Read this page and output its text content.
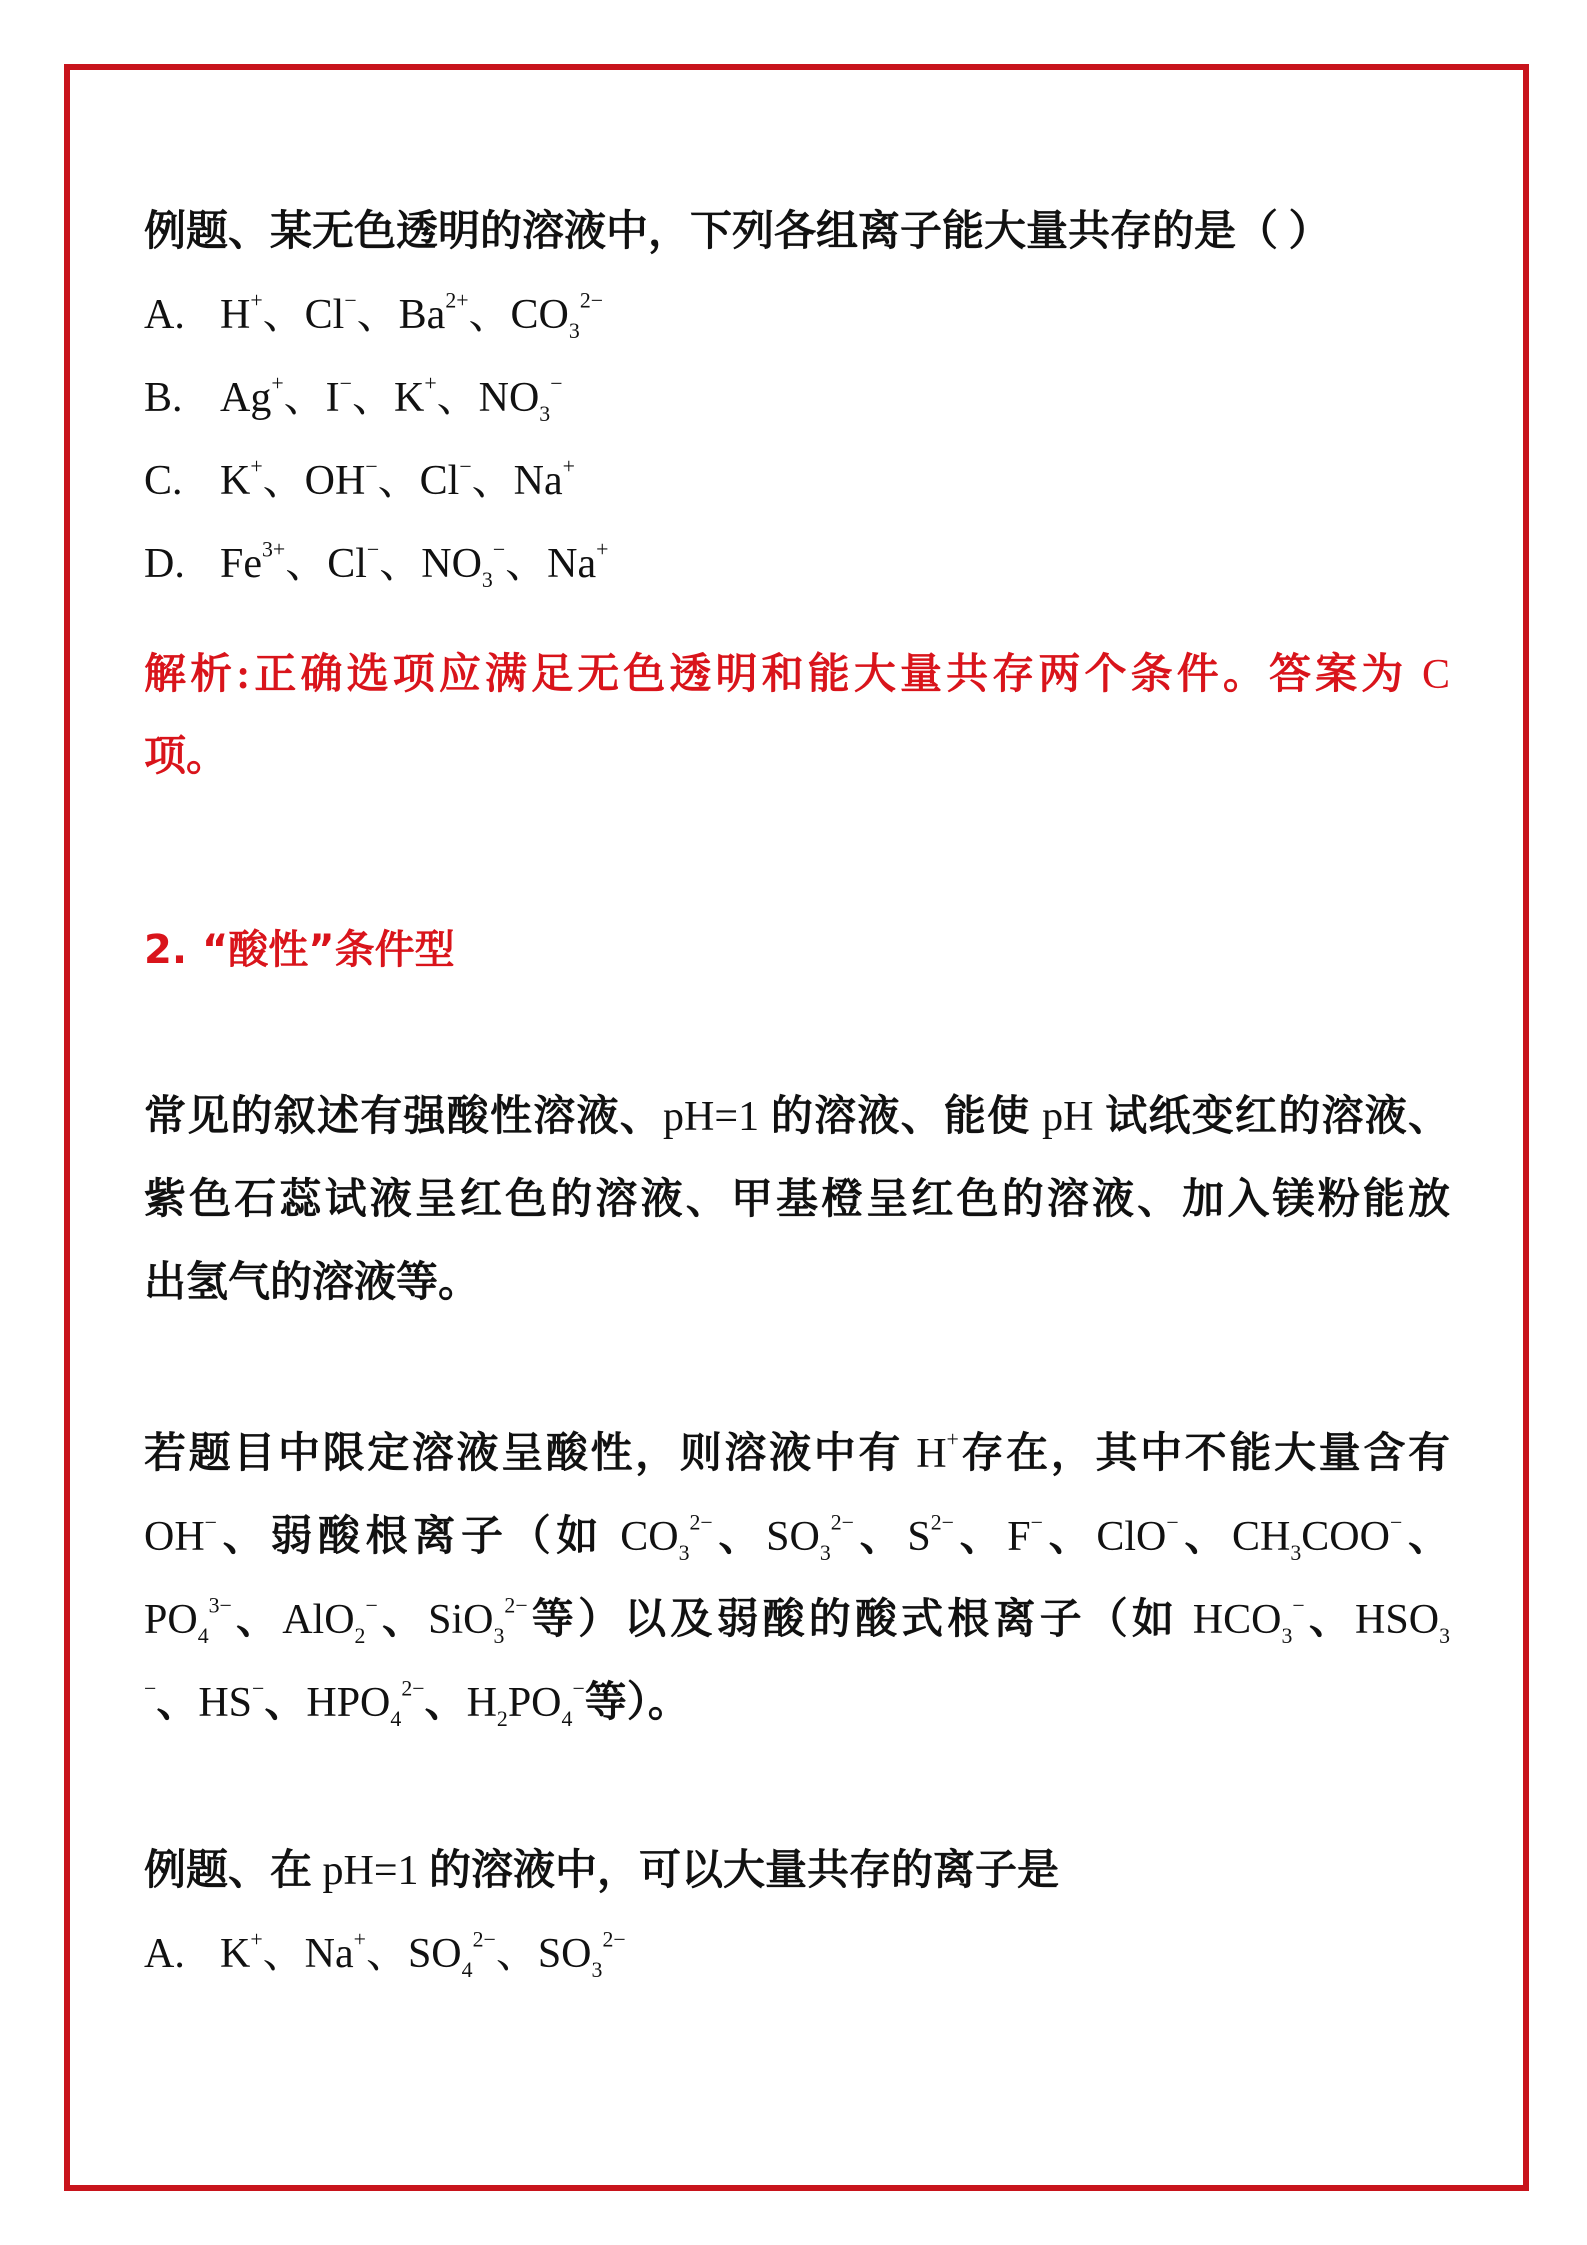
例题、某无色透明的溶液中，下列各组离子能大量共存的是（ ）
A. H+、Cl−、$Ba^{2+}$、$CO_3^{2-}$
B. Ag+、I−、K+、$NO_3^-$
C. K+、OH−、Cl−、Na+
D. $Fe^{3+}$、Cl−、$NO_3^-$、Na+
解析:正确选项应满足无色透明和能大量共存两个条件。答案为 C
项。
2. “酸性”条件型
常见的叙述有强酸性溶液、pH=1 的溶液、能使 pH 试纸变红的溶液、
紫色石蕊试液呈红色的溶液、甲基橙呈红色的溶液、加入镁粉能放
出氢气的溶液等。
若题目中限定溶液呈酸性，则溶液中有 H+存在，其中不能大量含有
OH−、弱酸根离子（如 $CO_3^{2-}$、$SO_3^{2-}$、$S^{2-}$、F−、ClO−、$CH_3COO^-$、
$PO_4^{3-}$、AlO$_2$−、SiO$_3^{2-}$等）以及弱酸的酸式根离子（如 $HCO_3^-$、$HSO_3$
−、HS−、$HPO_4^{2-}$、$H_2PO_4^-$等）。
例题、在 pH=1 的溶液中，可以大量共存的离子是
A. K+、Na+、$SO_4^{2-}$、$SO_3^{2-}$
